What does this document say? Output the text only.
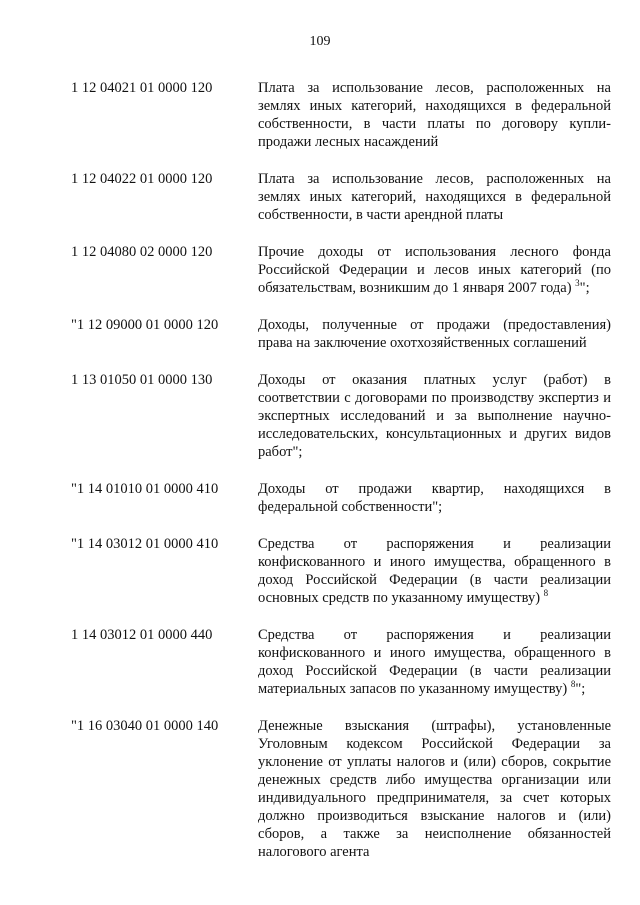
109
1 12 04021 01 0000 120	Плата за использование лесов, расположенных на землях иных категорий, находящихся в федеральной собственности, в части платы по договору купли-продажи лесных насаждений
1 12 04022 01 0000 120	Плата за использование лесов, расположенных на землях иных категорий, находящихся в федеральной собственности, в части арендной платы
1 12 04080 02 0000 120	Прочие доходы от использования лесного фонда Российской Федерации и лесов иных категорий (по обязательствам, возникшим до 1 января 2007 года) $^3$";
"1 12 09000 01 0000 120	Доходы, полученные от продажи (предоставления) права на заключение охотхозяйственных соглашений
1 13 01050 01 0000 130	Доходы от оказания платных услуг (работ) в соответствии с договорами по производству экспертиз и экспертных исследований и за выполнение научно-исследовательских, консультационных и других видов работ";
"1 14 01010 01 0000 410	Доходы от продажи квартир, находящихся в федеральной собственности";
"1 14 03012 01 0000 410	Средства от распоряжения и реализации конфискованного и иного имущества, обращенного в доход Российской Федерации (в части реализации основных средств по указанному имуществу) $^8$
1 14 03012 01 0000 440	Средства от распоряжения и реализации конфискованного и иного имущества, обращенного в доход Российской Федерации (в части реализации материальных запасов по указанному имуществу) $^8$";
"1 16 03040 01 0000 140	Денежные взыскания (штрафы), установленные Уголовным кодексом Российской Федерации за уклонение от уплаты налогов и (или) сборов, сокрытие денежных средств либо имущества организации или индивидуального предпринимателя, за счет которых должно производиться взыскание налогов и (или) сборов, а также за неисполнение обязанностей налогового агента
